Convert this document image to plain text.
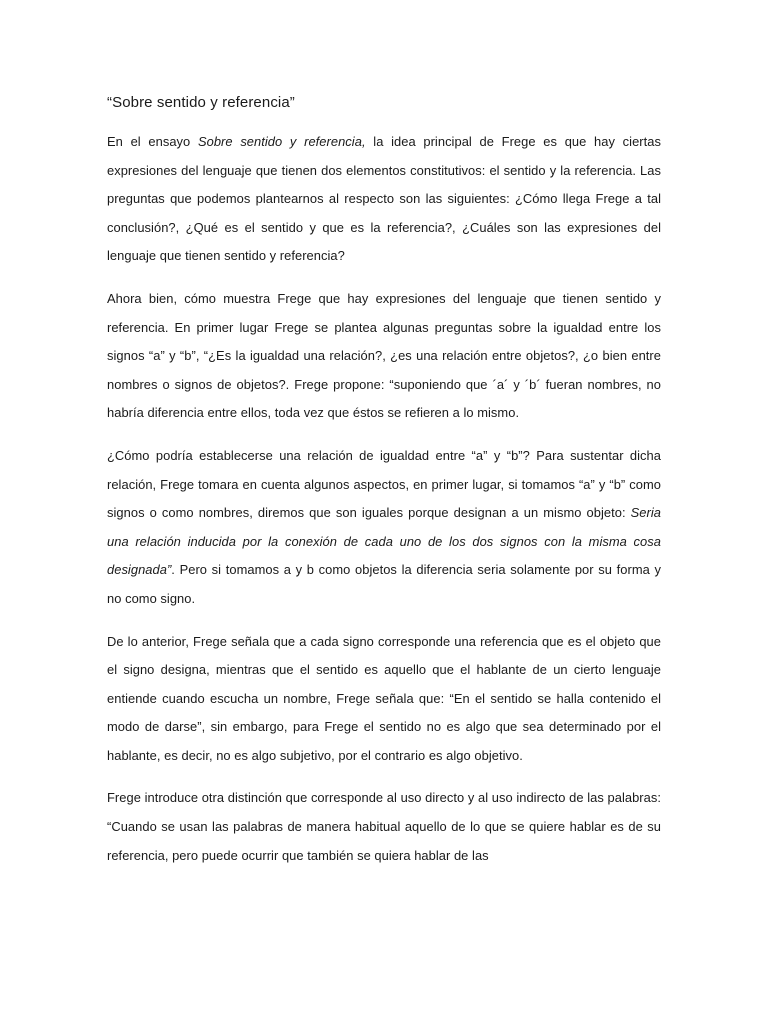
“Sobre sentido y referencia”

En el ensayo Sobre sentido y referencia, la idea principal de Frege es que hay ciertas expresiones del lenguaje que tienen dos elementos constitutivos: el sentido y la referencia. Las preguntas que podemos plantearnos al respecto son las siguientes: ¿Cómo llega Frege a tal conclusión?, ¿Qué es el sentido y que es la referencia?, ¿Cuáles son las expresiones del lenguaje que tienen sentido y referencia?

Ahora bien, cómo muestra Frege que hay expresiones del lenguaje que tienen sentido y referencia. En primer lugar Frege se plantea algunas preguntas sobre la igualdad entre los signos “a” y “b”, “¿Es la igualdad una relación?, ¿es una relación entre objetos?, ¿o bien entre nombres o signos de objetos?. Frege propone: “suponiendo que ´a´ y ´b´ fueran nombres, no habría diferencia entre ellos, toda vez que éstos se refieren a lo mismo.

¿Cómo podría establecerse una relación de igualdad entre “a” y “b”? Para sustentar dicha relación, Frege tomara en cuenta algunos aspectos, en primer lugar, si tomamos “a” y “b” como signos o como nombres, diremos que son iguales porque designan a un mismo objeto: Seria una relación inducida por la conexión de cada uno de los dos signos con la misma cosa designada”. Pero si tomamos a y b como objetos la diferencia seria solamente por su forma y no como signo.

De lo anterior, Frege señala que a cada signo corresponde una referencia que es el objeto que el signo designa, mientras que el sentido es aquello que el hablante de un cierto lenguaje entiende cuando escucha un nombre, Frege señala que: “En el sentido se halla contenido el modo de darse”, sin embargo, para Frege el sentido no es algo que sea determinado por el hablante, es decir, no es algo subjetivo, por el contrario es algo objetivo.

Frege introduce otra distinción que corresponde al uso directo y al uso indirecto de las palabras: “Cuando se usan las palabras de manera habitual aquello de lo que se quiere hablar es de su referencia, pero puede ocurrir que también se quiera hablar de las
